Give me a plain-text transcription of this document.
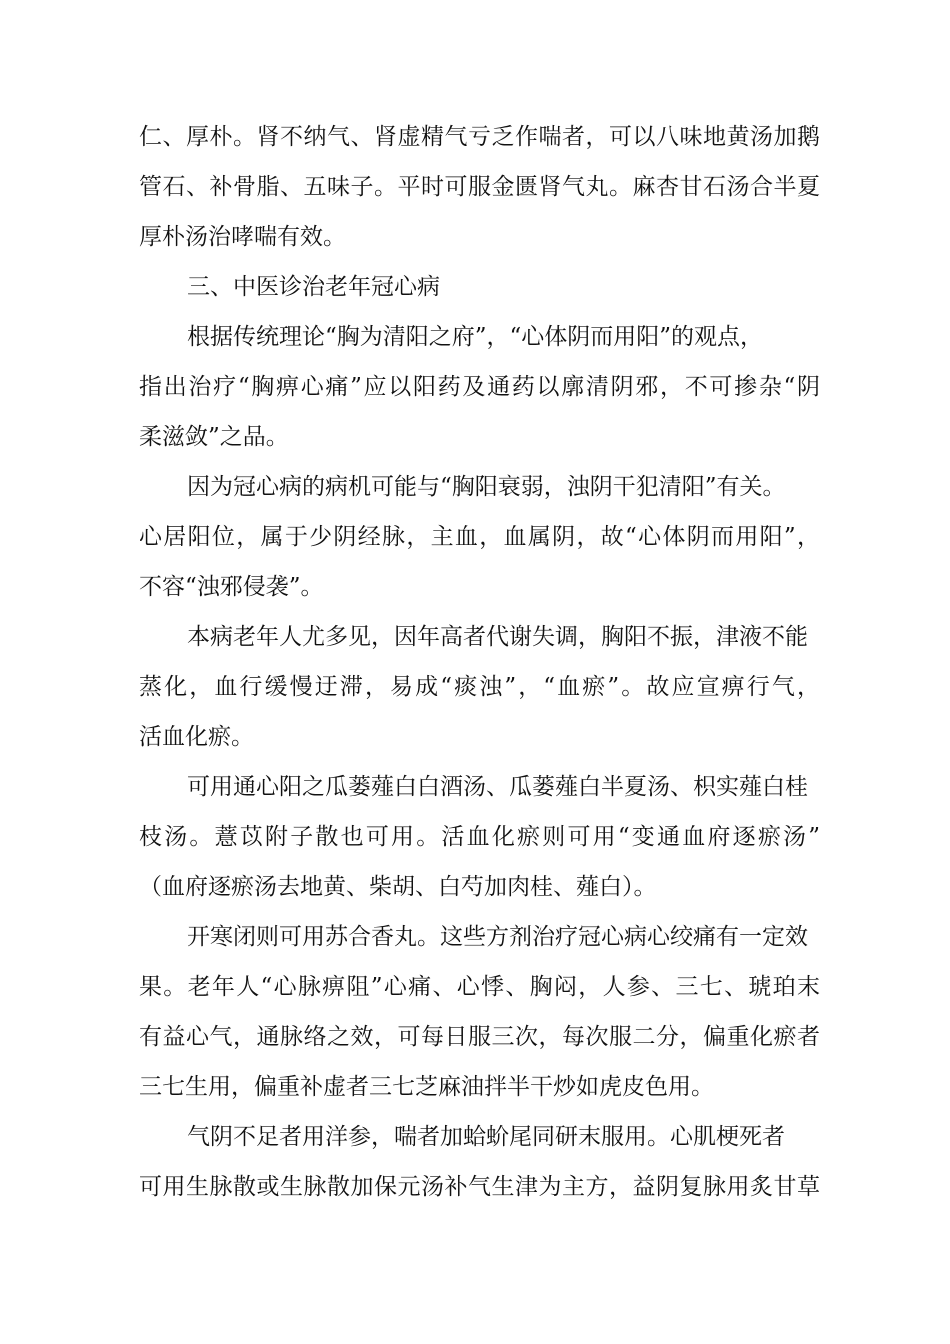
仁、厚朴。肾不纳气、肾虚精气亏乏作喘者，可以八味地黄汤加鹅
管石、补骨脂、五味子。平时可服金匮肾气丸。麻杏甘石汤合半夏
厚朴汤治哮喘有效。
三、中医诊治老年冠心病
根据传统理论“胸为清阳之府”，“心体阴而用阳”的观点，
指出治疗“胸痹心痛”应以阳药及通药以廓清阴邪，不可掺杂“阴
柔滋敛”之品。
因为冠心病的病机可能与“胸阳衰弱，浊阴干犯清阳”有关。
心居阳位，属于少阴经脉，主血，血属阴，故“心体阴而用阳”，
不容“浊邪侵袭”。
本病老年人尤多见，因年高者代谢失调，胸阳不振，津液不能
蒸化，血行缓慢迂滞，易成“痰浊”，“血瘀”。故应宣痹行气，
活血化瘀。
可用通心阳之瓜蒌薤白白酒汤、瓜蒌薤白半夏汤、枳实薤白桂
枝汤。薏苡附子散也可用。活血化瘀则可用“变通血府逐瘀汤”
（血府逐瘀汤去地黄、柴胡、白芍加肉桂、薤白）。
开寒闭则可用苏合香丸。这些方剂治疗冠心病心绞痛有一定效
果。老年人“心脉痹阻”心痛、心悸、胸闷，人参、三七、琥珀末
有益心气，通脉络之效，可每日服三次，每次服二分，偏重化瘀者
三七生用，偏重补虚者三七芝麻油拌半干炒如虎皮色用。
气阴不足者用洋参，喘者加蛤蚧尾同研末服用。心肌梗死者
可用生脉散或生脉散加保元汤补气生津为主方，益阴复脉用炙甘草
